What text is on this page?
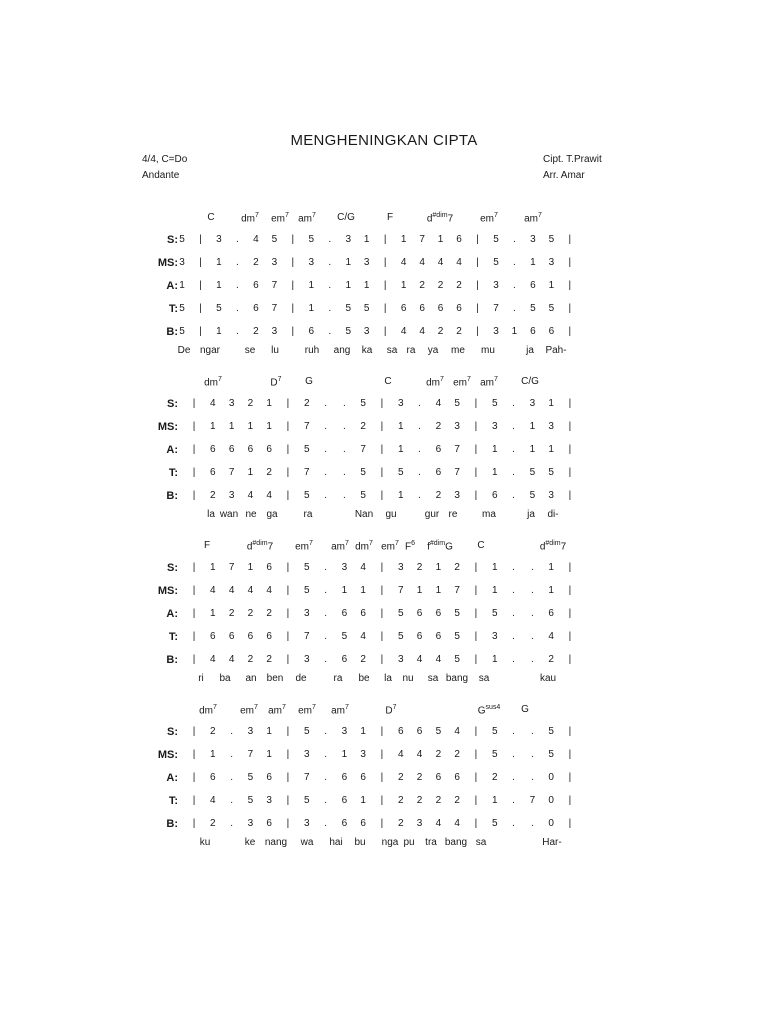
MENGHENINGKAN CIPTA
4/4, C=Do
Andante
Cipt. T.Prawit
Arr. Amar
C	$dm^7$ $em^7$ $am^7$ C/G	F	$d^{\#dim}7$	$em^7$	$am^7$
S: 5 | 3 . 4 5 | 5 . 3 1 | 1 7 1 6 | 5 . 3 5 |
MS: 3 | 1 . 2 3 | 3 . 1 3 | 4 4 4 4 | 5 . 1 3 |
A: 1 | 1 . 6 7 | 1 . 1 1 | 1 2 2 2 | 3 . 6 1 |
T: 5 | 5 . 6 7 | 1 . 5 5 | 6 6 6 6 | 7 . 5 5 |
B: 5 | 1 . 2 3 | 6 . 5 3 | 4 4 2 2 | 3 1 6 6 |
De ngar se lu	ruh ang ka sa ra ya me mu	ja Pah-
$dm^7$	$D^7$ G	C	$dm^7$ $em^7$ $am^7$ C/G
S: | 4 3 2 1 | 2 . . 5 | 3 . 4 5 | 5 . 3 1 |
MS: | 1 1 1 1 | 7 . . 2 | 1 . 2 3 | 3 . 1 3 |
A: | 6 6 6 6 | 5 . . 7 | 1 . 6 7 | 1 . 1 1 |
T: | 6 7 1 2 | 7 . . 5 | 5 . 6 7 | 1 . 5 5 |
B: | 2 3 4 4 | 5 . . 5 | 1 . 2 3 | 6 . 5 3 |
la wan ne ga	ra	Nan gu	gur re ma	ja di-
F	$d^{\#dim}7$ $em^7$ $am^7$ $dm^7$ $em^7$ $F^6$ $f^{\#dim}G$ C	$d^{\#dim}7$
S: | 1 7 1 6 | 5 . 3 4 | 3 2 1 2 | 1 . . 1 |
MS: | 4 4 4 4 | 5 . 1 1 | 7 1 1 7 | 1 . . 1 |
A: | 1 2 2 2 | 3 . 6 6 | 5 6 6 5 | 5 . . 6 |
T: | 6 6 6 6 | 7 . 5 4 | 5 6 6 5 | 3 . . 4 |
B: | 4 4 2 2 | 3 . 6 2 | 3 4 4 5 | 1 . . 2 |
ri ba an ben de	ra be la nu sa bang sa	kau
$dm^7$ $em^7$ $am^7$ $em^7$ $am^7$	$D^7$	$G^{sus4}$ G
S: | 2 . 3 1 | 5 . 3 1 | 6 6 5 4 | 5 . . 5 |
MS: | 1 . 7 1 | 3 . 1 3 | 4 4 2 2 | 5 . . 5 |
A: | 6 . 5 6 | 7 . 6 6 | 2 2 6 6 | 2 . . 0 |
T: | 4 . 5 3 | 5 . 6 1 | 2 2 2 2 | 1 . 7 0 |
B: | 2 . 3 6 | 3 . 6 6 | 2 3 4 4 | 5 . . 0 |
ku	ke nang wa hai bu nga pu tra bang sa	Har-
